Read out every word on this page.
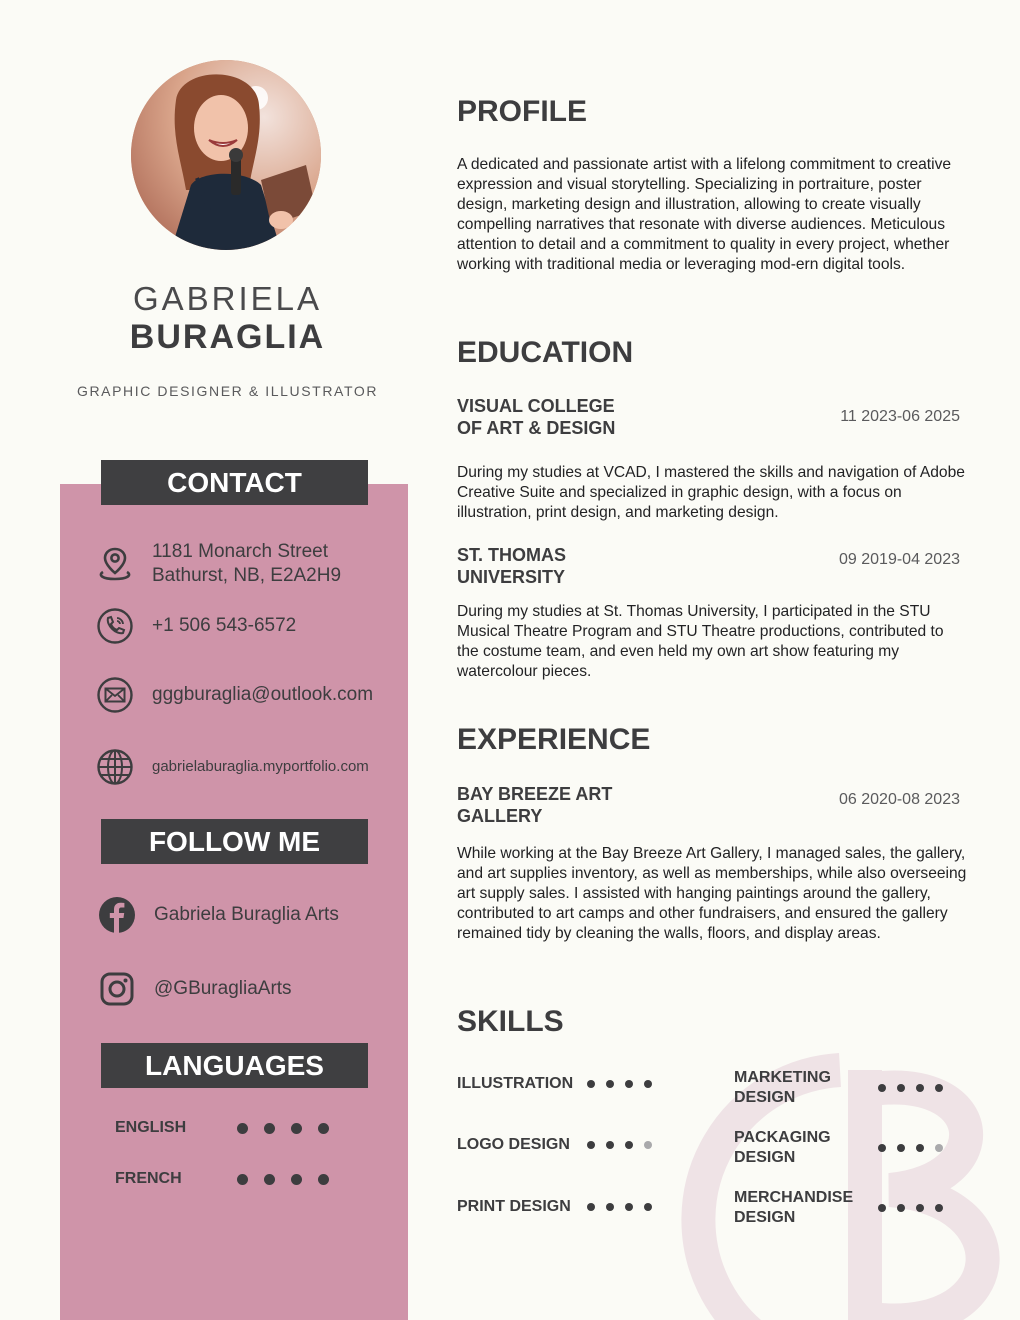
GABRIELA
BURAGLIA
GRAPHIC DESIGNER & ILLUSTRATOR
CONTACT
1181 Monarch Street
Bathurst, NB, E2A2H9
+1 506 543-6572
gggburaglia@outlook.com
gabrielaburaglia.myportfolio.com
FOLLOW ME
Gabriela Buraglia Arts
@GBuragliaArts
LANGUAGES
ENGLISH
FRENCH
PROFILE
A dedicated and passionate artist with a lifelong commitment to creative expression and visual storytelling. Specializing in portraiture, poster design, marketing design and illustration, allowing to create visually compelling narratives that resonate with diverse audiences. Meticulous attention to detail and a commitment to quality in every project, whether working with traditional media or leveraging mod-ern digital tools.
EDUCATION
VISUAL COLLEGE
OF ART & DESIGN
11 2023-06 2025
During my studies at VCAD, I mastered the skills and navigation of Adobe Creative Suite and specialized in graphic design, with a focus on illustration, print design, and marketing design.
ST. THOMAS
UNIVERSITY
09 2019-04 2023
During my studies at St. Thomas University, I participated in the STU Musical Theatre Program and STU Theatre productions, contributed to the costume team, and even held my own art show featuring my watercolour pieces.
EXPERIENCE
BAY BREEZE ART
GALLERY
06 2020-08 2023
While working at the Bay Breeze Art Gallery, I managed sales, the gallery, and art supplies inventory, as well as memberships, while also overseeing art supply sales. I assisted with hanging paintings around the gallery, contributed to art camps and other fundraisers, and ensured the gallery remained tidy by cleaning the walls, floors, and display areas.
SKILLS
ILLUSTRATION	MARKETING
DESIGN
LOGO DESIGN	PACKAGING
DESIGN
PRINT DESIGN
MERCHANDISE
DESIGN
